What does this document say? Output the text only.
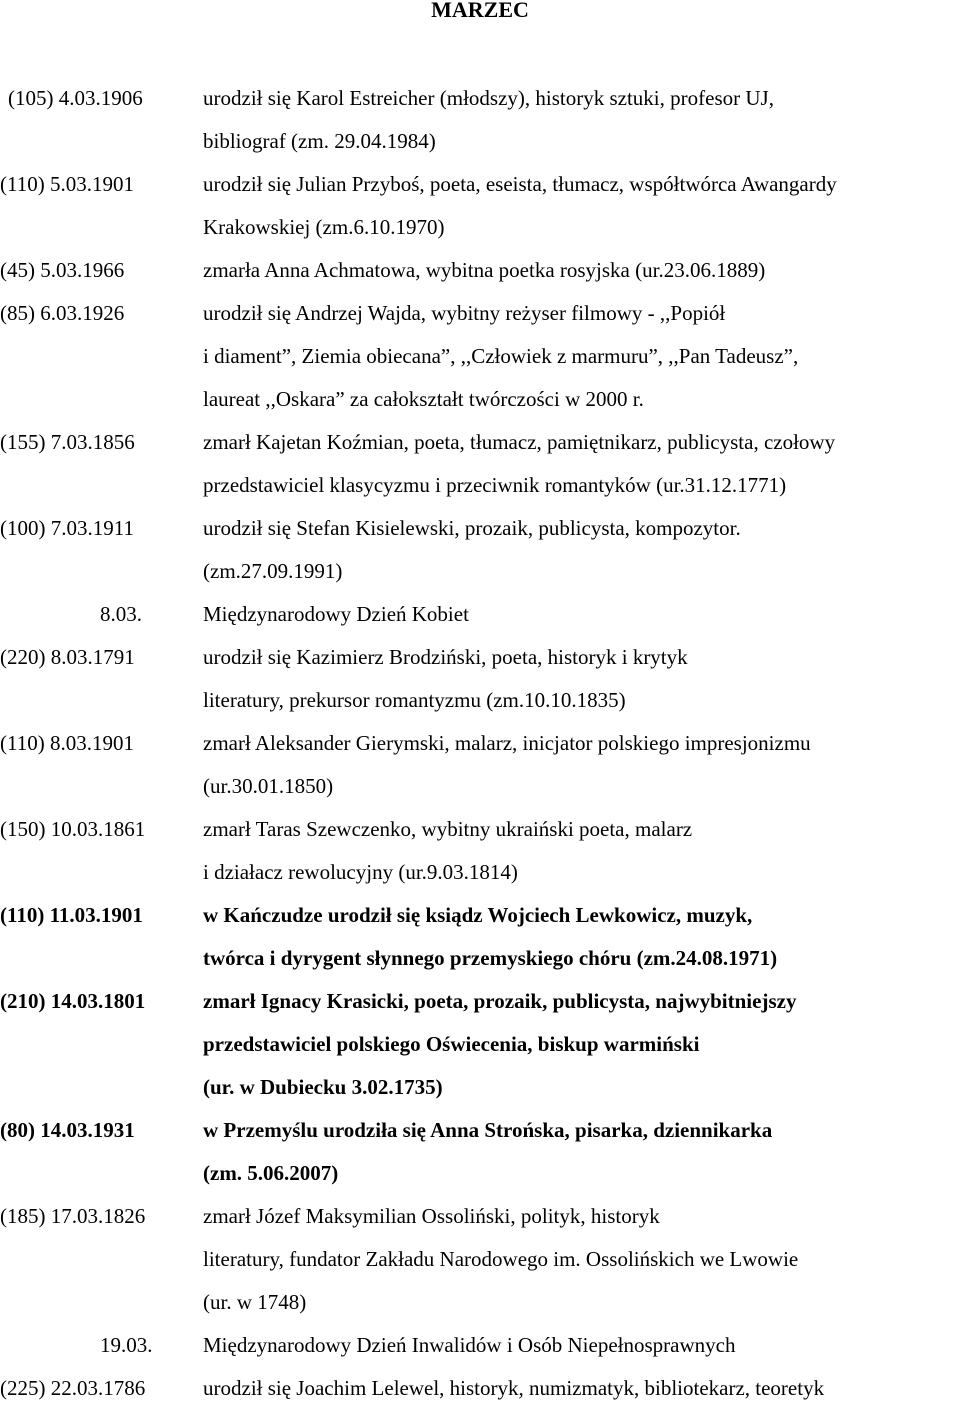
MARZEC
(105) 4.03.1906	urodził się Karol Estreicher (młodszy), historyk sztuki, profesor UJ,
bibliograf (zm. 29.04.1984)
(110) 5.03.1901	urodził się Julian Przyboś, poeta, eseista, tłumacz, współtwórca Awangardy
Krakowskiej (zm.6.10.1970)
(45) 5.03.1966	zmarła Anna Achmatowa, wybitna poetka rosyjska (ur.23.06.1889)
(85) 6.03.1926	urodził się Andrzej Wajda, wybitny reżyser filmowy - ,,Popiół
i diament”, Ziemia obiecana”, ,,Człowiek z marmuru”, ,,Pan Tadeusz”,
laureat ,,Oskara” za całokształt twórczości w 2000 r.
(155) 7.03.1856	zmarł Kajetan Koźmian, poeta, tłumacz, pamiętnikarz, publicysta, czołowy
przedstawiciel klasycyzmu i przeciwnik romantyków (ur.31.12.1771)
(100) 7.03.1911	urodził się Stefan Kisielewski, prozaik, publicysta, kompozytor.
(zm.27.09.1991)
8.03.	Międzynarodowy Dzień Kobiet
(220) 8.03.1791	urodził się Kazimierz Brodziński, poeta, historyk i krytyk
literatury, prekursor romantyzmu (zm.10.10.1835)
(110) 8.03.1901	zmarł Aleksander Gierymski, malarz, inicjator polskiego impresjonizmu
(ur.30.01.1850)
(150) 10.03.1861	zmarł Taras Szewczenko, wybitny ukraiński poeta, malarz
i działacz rewolucyjny (ur.9.03.1814)
(110) 11.03.1901	w Kańczudze urodził się ksiądz Wojciech Lewkowicz, muzyk,
twórca i dyrygent słynnego przemyskiego chóru (zm.24.08.1971)
(210) 14.03.1801	zmarł Ignacy Krasicki, poeta, prozaik, publicysta, najwybitniejszy
przedstawiciel polskiego Oświecenia, biskup warmiński
(ur. w Dubiecku 3.02.1735)
(80) 14.03.1931	w Przemyślu urodziła się Anna Strońska, pisarka, dziennikarka
(zm. 5.06.2007)
(185) 17.03.1826	zmarł Józef Maksymilian Ossoliński, polityk, historyk
literatury, fundator Zakładu Narodowego im. Ossolińskich we Lwowie
(ur. w 1748)
19.03.	Międzynarodowy Dzień Inwalidów i Osób Niepełnosprawnych
(225) 22.03.1786	urodził się Joachim Lelewel, historyk, numizmatyk, bibliotekarz, teoretyk
